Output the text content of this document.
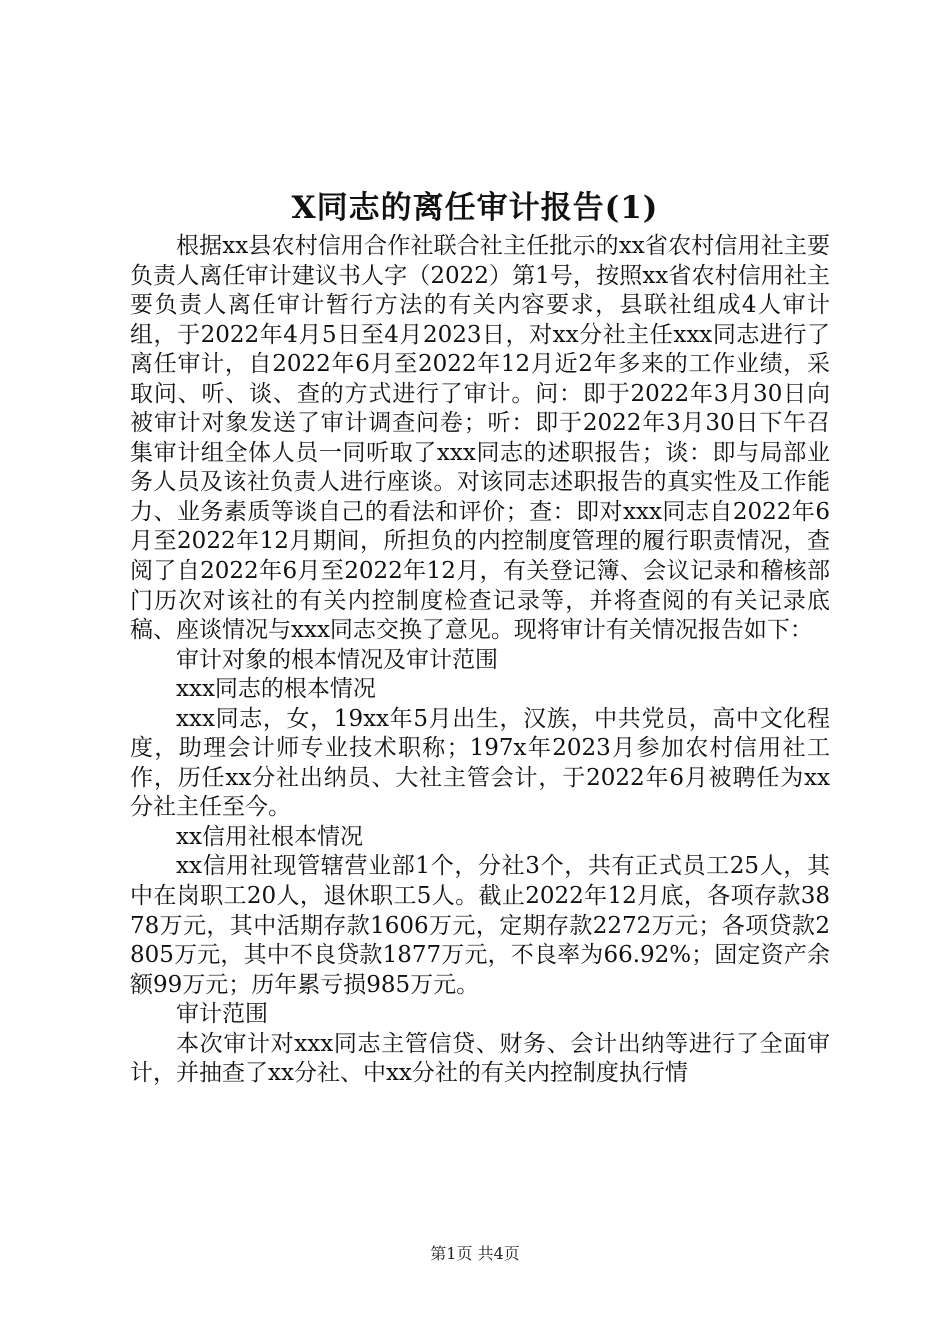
X同志的离任审计报告(1)

根据xx县农村信用合作社联合社主任批示的xx省农村信用社主要负责人离任审计建议书人字（2022）第1号，按照xx省农村信用社主要负责人离任审计暂行方法的有关内容要求，县联社组成4人审计组，于2022年4月5日至4月2023日，对xx分社主任xxx同志进行了离任审计，自2022年6月至2022年12月近2年多来的工作业绩，采取问、听、谈、查的方式进行了审计。问：即于2022年3月30日向被审计对象发送了审计调查问卷；听：即于2022年3月30日下午召集审计组全体人员一同听取了xxx同志的述职报告；谈：即与局部业务人员及该社负责人进行座谈。对该同志述职报告的真实性及工作能力、业务素质等谈自己的看法和评价；查：即对xxx同志自2022年6月至2022年12月期间，所担负的内控制度管理的履行职责情况，查阅了自2022年6月至2022年12月，有关登记簿、会议记录和稽核部门历次对该社的有关内控制度检查记录等，并将查阅的有关记录底稿、座谈情况与xxx同志交换了意见。现将审计有关情况报告如下：

审计对象的根本情况及审计范围

xxx同志的根本情况

xxx同志，女，19xx年5月出生，汉族，中共党员，高中文化程度，助理会计师专业技术职称；197x年2023月参加农村信用社工作，历任xx分社出纳员、大社主管会计，于2022年6月被聘任为xx分社主任至今。

xx信用社根本情况

xx信用社现管辖营业部1个，分社3个，共有正式员工25人，其中在岗职工20人，退休职工5人。截止2022年12月底，各项存款3878万元，其中活期存款1606万元，定期存款2272万元；各项贷款2805万元，其中不良贷款1877万元，不良率为66.92%；固定资产余额99万元；历年累亏损985万元。

审计范围

本次审计对xxx同志主管信贷、财务、会计出纳等进行了全面审计，并抽查了xx分社、中xx分社的有关内控制度执行情

第1页 共4页
